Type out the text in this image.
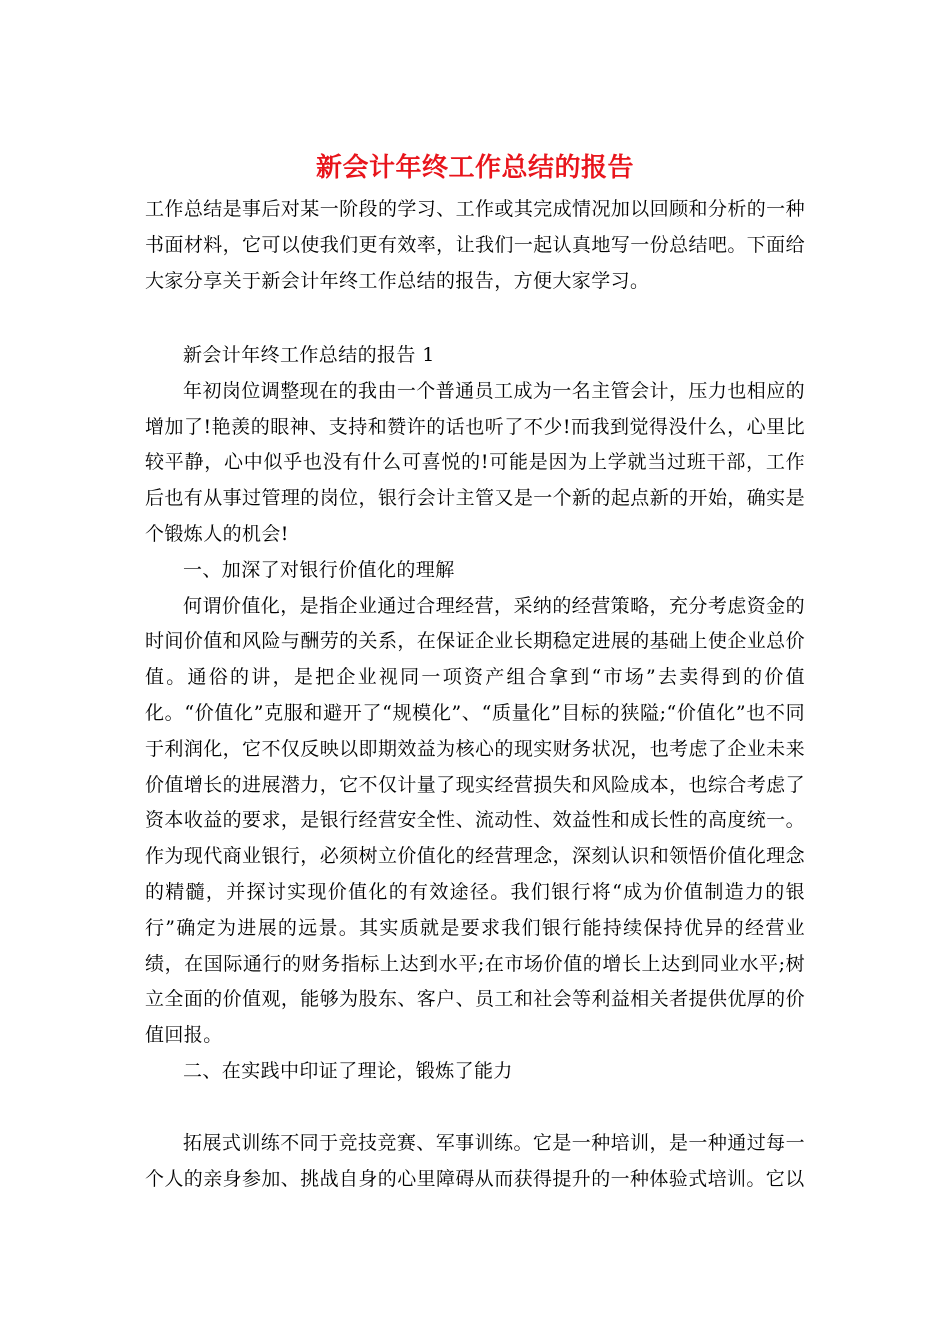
新会计年终工作总结的报告

工作总结是事后对某一阶段的学习、工作或其完成情况加以回顾和分析的一种书面材料，它可以使我们更有效率，让我们一起认真地写一份总结吧。下面给大家分享关于新会计年终工作总结的报告，方便大家学习。

新会计年终工作总结的报告 1

年初岗位调整现在的我由一个普通员工成为一名主管会计，压力也相应的增加了!艳羡的眼神、支持和赞许的话也听了不少!而我到觉得没什么，心里比较平静，心中似乎也没有什么可喜悦的!可能是因为上学就当过班干部，工作后也有从事过管理的岗位，银行会计主管又是一个新的起点新的开始，确实是个锻炼人的机会!

一、加深了对银行价值化的理解

何谓价值化，是指企业通过合理经营，采纳的经营策略，充分考虑资金的时间价值和风险与酬劳的关系，在保证企业长期稳定进展的基础上使企业总价值。通俗的讲，是把企业视同一项资产组合拿到“市场”去卖得到的价值化。“价值化”克服和避开了“规模化”、“质量化”目标的狭隘;“价值化”也不同于利润化，它不仅反映以即期效益为核心的现实财务状况，也考虑了企业未来价值增长的进展潜力，它不仅计量了现实经营损失和风险成本，也综合考虑了资本收益的要求，是银行经营安全性、流动性、效益性和成长性的高度统一。作为现代商业银行，必须树立价值化的经营理念，深刻认识和领悟价值化理念的精髓，并探讨实现价值化的有效途径。我们银行将“成为价值制造力的银行”确定为进展的远景。其实质就是要求我们银行能持续保持优异的经营业绩，在国际通行的财务指标上达到水平;在市场价值的增长上达到同业水平;树立全面的价值观，能够为股东、客户、员工和社会等利益相关者提供优厚的价值回报。

二、在实践中印证了理论，锻炼了能力

拓展式训练不同于竞技竞赛、军事训练。它是一种培训，是一种通过每一个人的亲身参加、挑战自身的心里障碍从而获得提升的一种体验式培训。它以
